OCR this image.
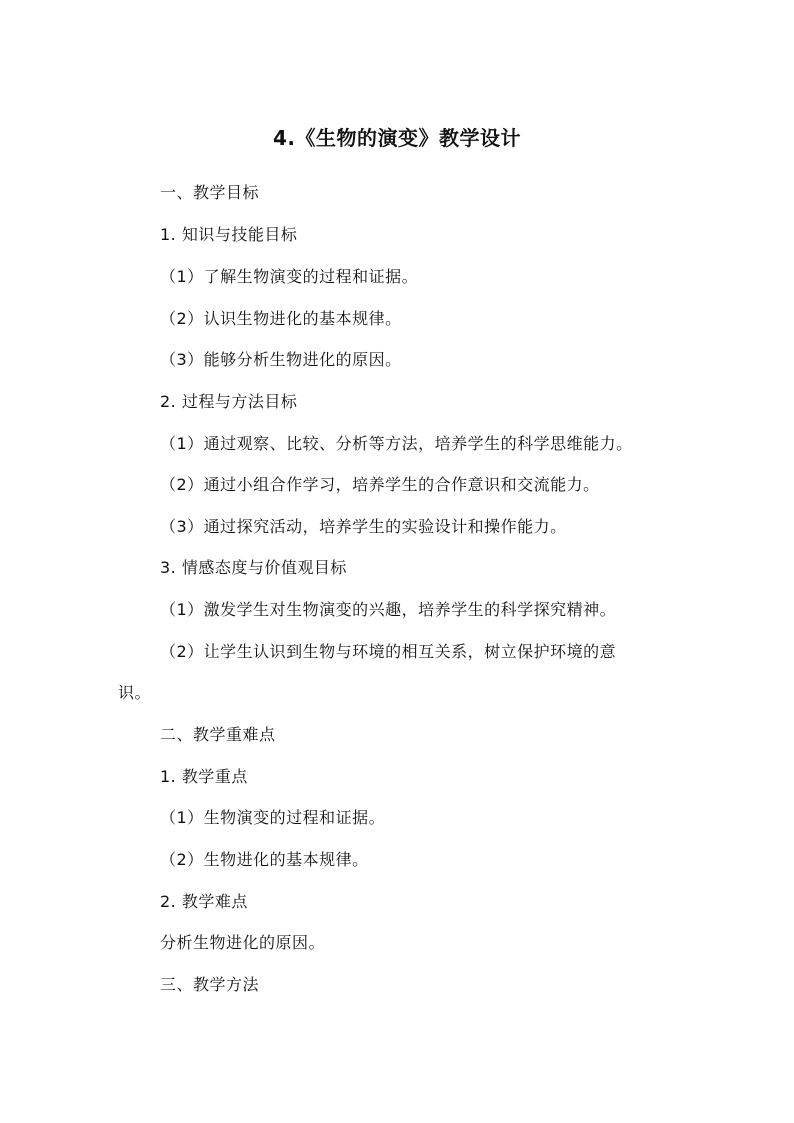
4.《生物的演变》教学设计
一、教学目标
1. 知识与技能目标
（1）了解生物演变的过程和证据。
（2）认识生物进化的基本规律。
（3）能够分析生物进化的原因。
2. 过程与方法目标
（1）通过观察、比较、分析等方法，培养学生的科学思维能力。
（2）通过小组合作学习，培养学生的合作意识和交流能力。
（3）通过探究活动，培养学生的实验设计和操作能力。
3. 情感态度与价值观目标
（1）激发学生对生物演变的兴趣，培养学生的科学探究精神。
（2）让学生认识到生物与环境的相互关系，树立保护环境的意
识。
二、教学重难点
1. 教学重点
（1）生物演变的过程和证据。
（2）生物进化的基本规律。
2. 教学难点
分析生物进化的原因。
三、教学方法
